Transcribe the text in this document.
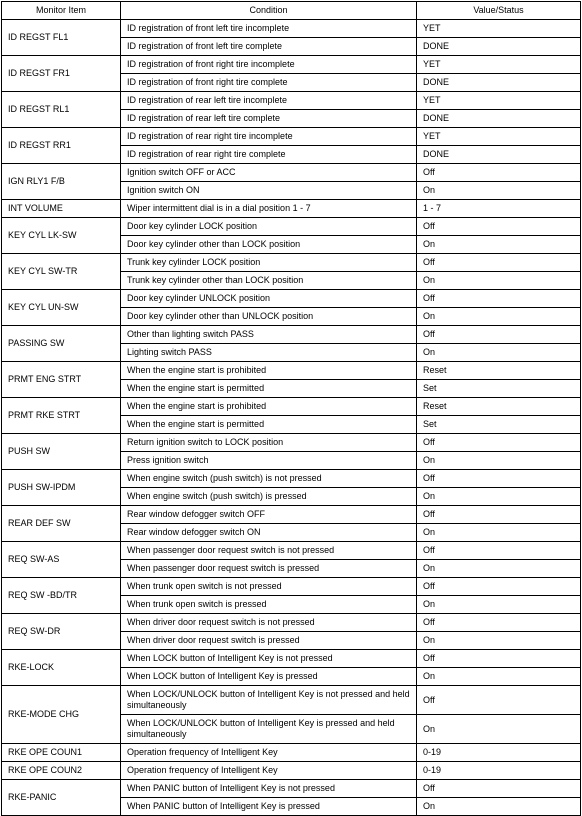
Monitor Item	Condition	Value/Status
ID REGST FL1	ID registration of front left tire incomplete	YET
	ID registration of front left tire complete	DONE
ID REGST FR1	ID registration of front right tire incomplete	YET
	ID registration of front right tire complete	DONE
ID REGST RL1	ID registration of rear left tire incomplete	YET
	ID registration of rear left tire complete	DONE
ID REGST RR1	ID registration of rear right tire incomplete	YET
	ID registration of rear right tire complete	DONE
IGN RLY1 F/B	Ignition switch OFF or ACC	Off
	Ignition switch ON	On
INT VOLUME	Wiper intermittent dial is in a dial position 1 - 7	1 - 7
KEY CYL LK-SW	Door key cylinder LOCK position	Off
	Door key cylinder other than LOCK position	On
KEY CYL SW-TR	Trunk key cylinder LOCK position	Off
	Trunk key cylinder other than LOCK position	On
KEY CYL UN-SW	Door key cylinder UNLOCK position	Off
	Door key cylinder other than UNLOCK position	On
PASSING SW	Other than lighting switch PASS	Off
	Lighting switch PASS	On
PRMT ENG STRT	When the engine start is prohibited	Reset
	When the engine start is permitted	Set
PRMT RKE STRT	When the engine start is prohibited	Reset
	When the engine start is permitted	Set
PUSH SW	Return ignition switch to LOCK position	Off
	Press ignition switch	On
PUSH SW-IPDM	When engine switch (push switch) is not pressed	Off
	When engine switch (push switch) is pressed	On
REAR DEF SW	Rear window defogger switch OFF	Off
	Rear window defogger switch ON	On
REQ SW-AS	When passenger door request switch is not pressed	Off
	When passenger door request switch is pressed	On
REQ SW -BD/TR	When trunk open switch is not pressed	Off
	When trunk open switch is pressed	On
REQ SW-DR	When driver door request switch is not pressed	Off
	When driver door request switch is pressed	On
RKE-LOCK	When LOCK button of Intelligent Key is not pressed	Off
	When LOCK button of Intelligent Key is pressed	On
RKE-MODE CHG	When LOCK/UNLOCK button of Intelligent Key is not pressed and held simultaneously	Off
	When LOCK/UNLOCK button of Intelligent Key is pressed and held simultaneously	On
RKE OPE COUN1	Operation frequency of Intelligent Key	0-19
RKE OPE COUN2	Operation frequency of Intelligent Key	0-19
RKE-PANIC	When PANIC button of Intelligent Key is not pressed	Off
	When PANIC button of Intelligent Key is pressed	On
